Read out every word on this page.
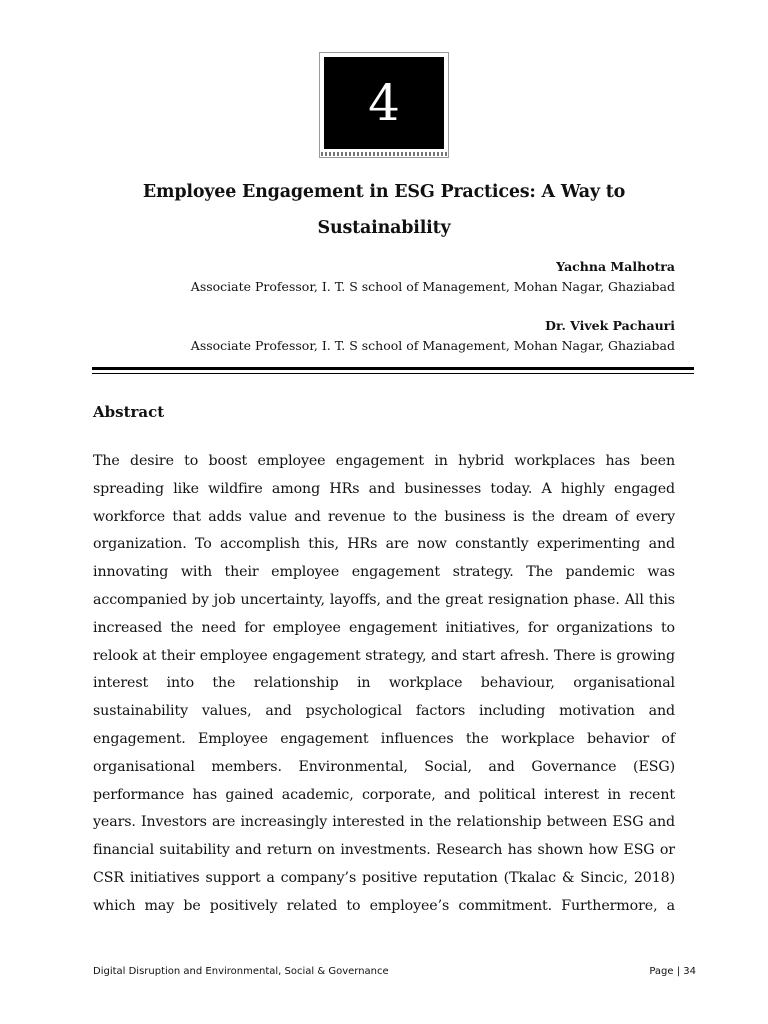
4
Employee Engagement in ESG Practices: A Way to
Sustainability
Yachna Malhotra
Associate Professor, I. T. S school of Management, Mohan Nagar, Ghaziabad
Dr. Vivek Pachauri
Associate Professor, I. T. S school of Management, Mohan Nagar, Ghaziabad
Abstract
The desire to boost employee engagement in hybrid workplaces has been
spreading like wildfire among HRs and businesses today. A highly engaged
workforce that adds value and revenue to the business is the dream of every
organization. To accomplish this, HRs are now constantly experimenting and
innovating with their employee engagement strategy. The pandemic was
accompanied by job uncertainty, layoffs, and the great resignation phase. All this
increased the need for employee engagement initiatives, for organizations to
relook at their employee engagement strategy, and start afresh. There is growing
interest into the relationship in workplace behaviour, organisational
sustainability values, and psychological factors including motivation and
engagement. Employee engagement influences the workplace behavior of
organisational members. Environmental, Social, and Governance (ESG)
performance has gained academic, corporate, and political interest in recent
years. Investors are increasingly interested in the relationship between ESG and
financial suitability and return on investments. Research has shown how ESG or
CSR initiatives support a company’s positive reputation (Tkalac & Sincic, 2018)
which may be positively related to employee’s commitment. Furthermore, a
Digital Disruption and Environmental, Social & Governance	Page | 34
